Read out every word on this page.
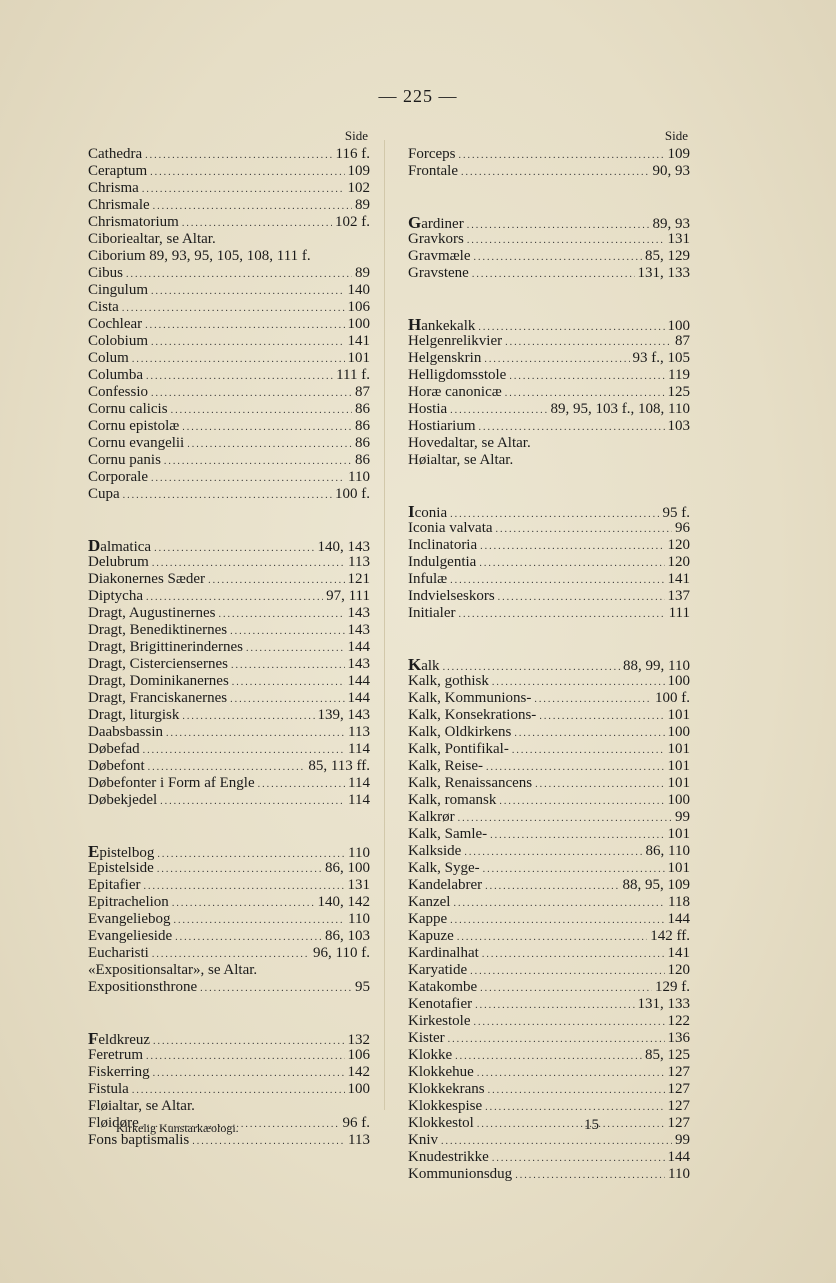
— 225 —
Side
Cathedra .....	116 f.
Ceraptum .....	109
Chrisma .....	102
Chrismale .....	89
Chrismatorium .....	102 f.
Ciboriealtar, se Altar.
Ciborium 89, 93, 95, 105, 108, 111 f.
Cibus .....	89
Cingulum .....	140
Cista .....	106
Cochlear .....	100
Colobium .....	141
Colum .....	101
Columba .....	111 f.
Confessio .....	87
Cornu calicis .....	86
Cornu epistolæ .....	86
Cornu evangelii .....	86
Cornu panis .....	86
Corporale .....	110
Cupa .....	100 f.
Dalmatica .....	140, 143
Delubrum .....	113
Diakonernes Sæder .....	121
Diptycha .....	97, 111
Dragt, Augustinernes .....	143
Dragt, Benediktinernes .....	143
Dragt, Brigittinerindernes .....	144
Dragt, Cisterciensernes .....	143
Dragt, Dominikanernes .....	144
Dragt, Franciskanernes .....	144
Dragt, liturgisk .....	139, 143
Daabsbassin .....	113
Døbefad .....	114
Døbefont .....	85, 113 ff.
Døbefonter i Form af Engle .....	114
Døbekjedel .....	114
Epistelbog .....	110
Epistelside .....	86, 100
Epitafier .....	131
Epitrachelion .....	140, 142
Evangeliebog .....	110
Evangelieside .....	86, 103
Eucharisti .....	96, 110 f.
«Expositionsaltar», se Altar.
Expositionsthrone .....	95
Feldkreuz .....	132
Feretrum .....	106
Fiskerring .....	142
Fistula .....	100
Fløialtar, se Altar.
Fløidøre .....	96 f.
Fons baptismalis .....	113
Side
Forceps .....	109
Frontale .....	90, 93
Gardiner .....	89, 93
Gravkors .....	131
Gravmæle .....	85, 129
Gravstene .....	131, 133
Hankekalk .....	100
Helgenrelikvier .....	87
Helgenskrin .....	93 f., 105
Helligdomsstole .....	119
Horæ canonicæ .....	125
Hostia .....	89, 95, 103 f., 108, 110
Hostiarium .....	103
Hovedaltar, se Altar.
Høialtar, se Altar.
Iconia .....	95 f.
Iconia valvata .....	96
Inclinatoria .....	120
Indulgentia .....	120
Infulæ .....	141
Indvielseskors .....	137
Initialer .....	111
Kalk .....	88, 99, 110
Kalk, gothisk .....	100
Kalk, Kommunions- .....	100 f.
Kalk, Konsekrations- .....	101
Kalk, Oldkirkens .....	100
Kalk, Pontifikal- .....	101
Kalk, Reise- .....	101
Kalk, Renaissancens .....	101
Kalk, romansk .....	100
Kalkrør .....	99
Kalk, Samle- .....	101
Kalkside .....	86, 110
Kalk, Syge- .....	101
Kandelabrer .....	88, 95, 109
Kanzel .....	118
Kappe .....	144
Kapuze .....	142 ff.
Kardinalhat .....	141
Karyatide .....	120
Katakombe .....	129 f.
Kenotafier .....	131, 133
Kirkestole .....	122
Kister .....	136
Klokke .....	85, 125
Klokkehue .....	127
Klokkekrans .....	127
Klokkespise .....	127
Klokkestol .....	127
Kniv .....	99
Knudestrikke .....	144
Kommunionsdug .....	110
Kirkelig Kunstarkæologi.	15
